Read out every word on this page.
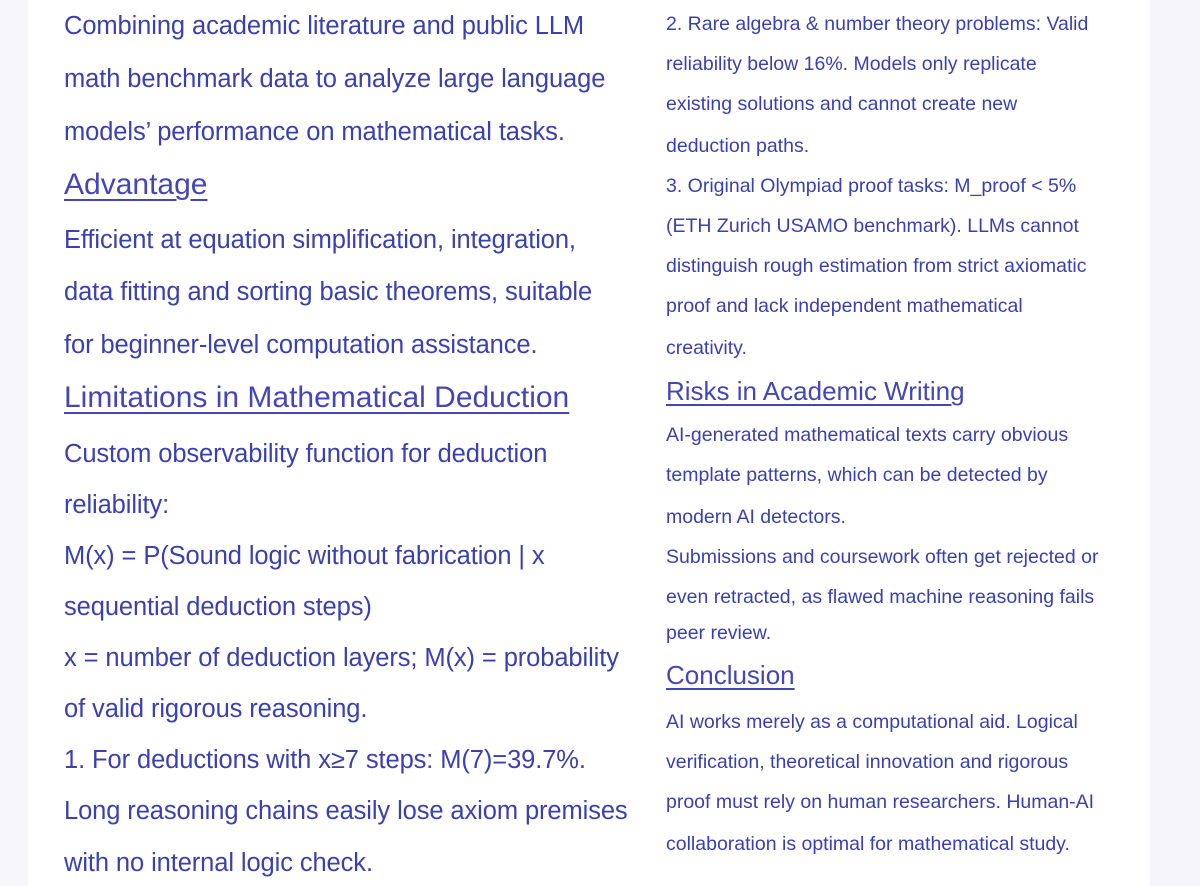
Combining academic literature and public LLM
math benchmark data to analyze large language
models’ performance on mathematical tasks.
Advantage
Efficient at equation simplification, integration,
data fitting and sorting basic theorems, suitable
for beginner-level computation assistance.
Limitations in Mathematical Deduction
Custom observability function for deduction
reliability:
M(x) = P(Sound logic without fabrication | x
sequential deduction steps)
x = number of deduction layers; M(x) = probability
of valid rigorous reasoning.
1. For deductions with x≥7 steps: M(7)=39.7%.
Long reasoning chains easily lose axiom premises
with no internal logic check.
2. Rare algebra & number theory problems: Valid
reliability below 16%. Models only replicate
existing solutions and cannot create new
deduction paths.
3. Original Olympiad proof tasks: M_proof < 5%
(ETH Zurich USAMO benchmark). LLMs cannot
distinguish rough estimation from strict axiomatic
proof and lack independent mathematical
creativity.
Risks in Academic Writing
AI-generated mathematical texts carry obvious
template patterns, which can be detected by
modern AI detectors.
Submissions and coursework often get rejected or
even retracted, as flawed machine reasoning fails
peer review.
Conclusion
AI works merely as a computational aid. Logical
verification, theoretical innovation and rigorous
proof must rely on human researchers. Human-AI
collaboration is optimal for mathematical study.
